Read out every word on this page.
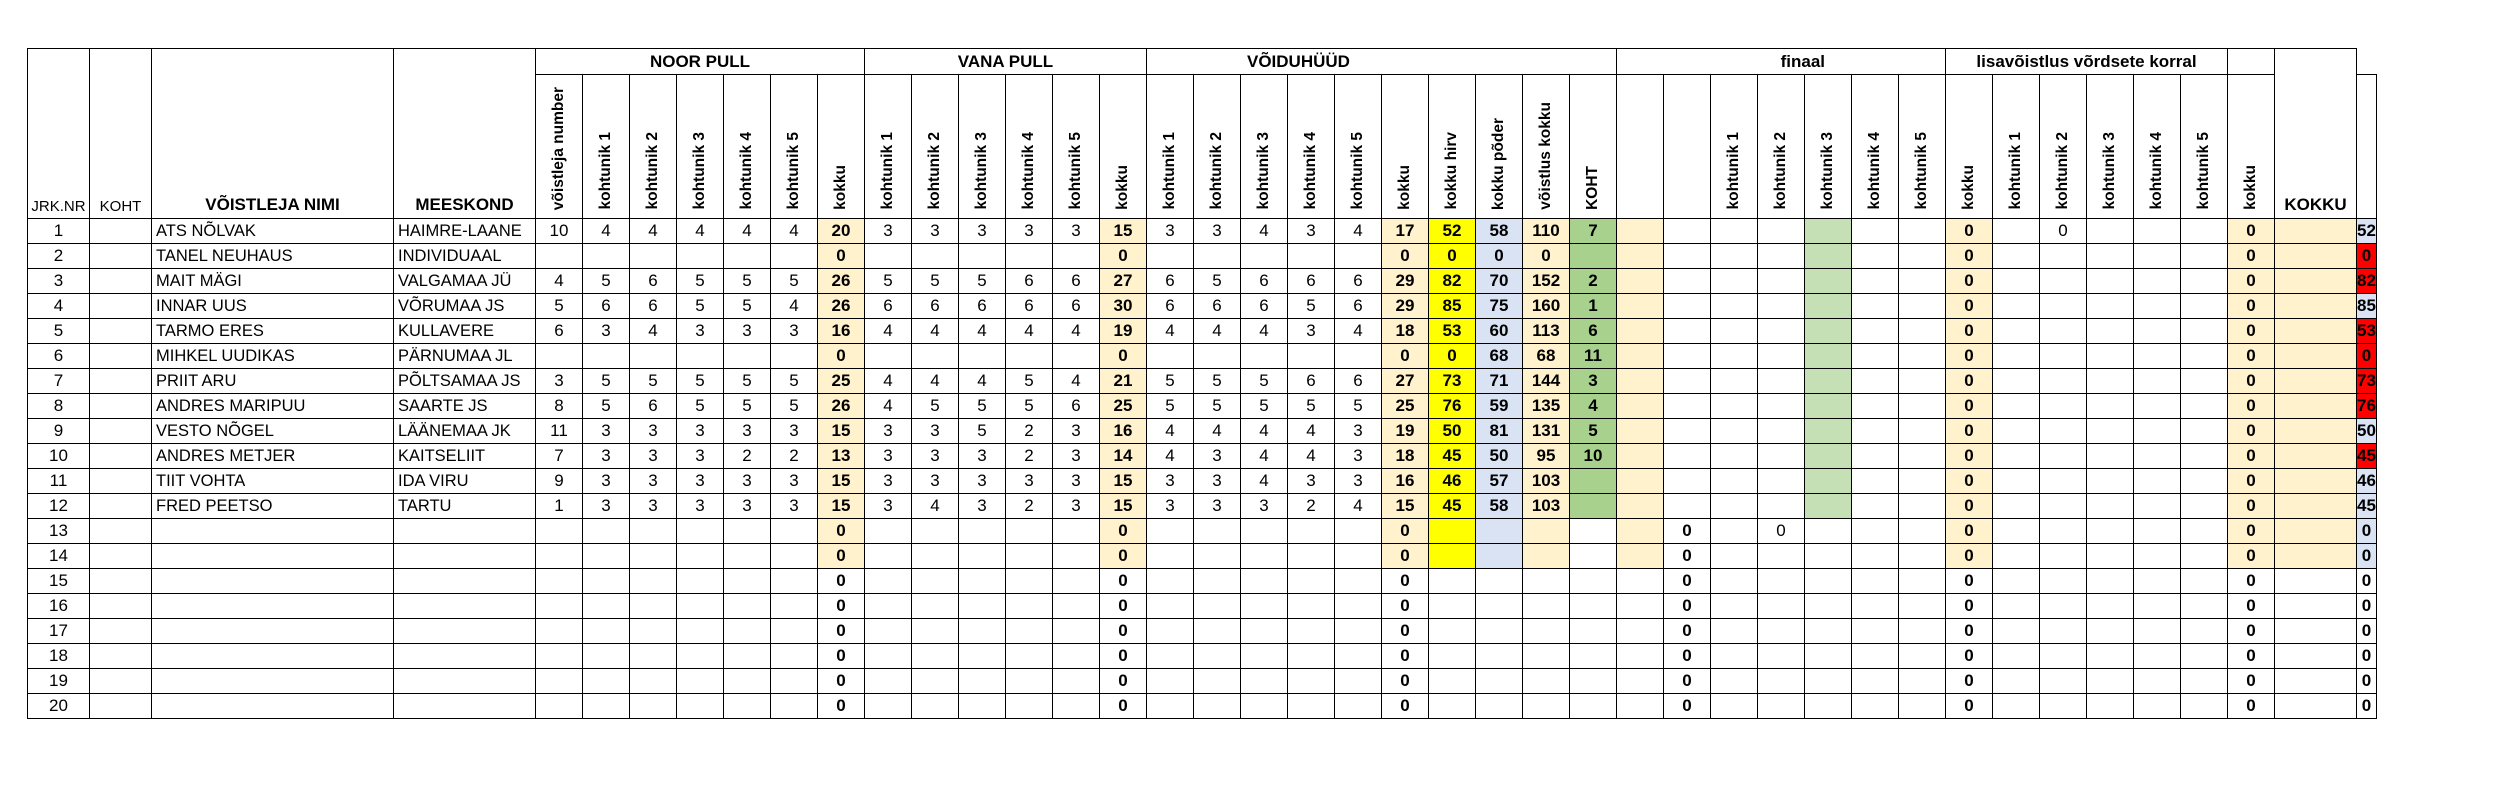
JRK.NR	KOHT	VÕISTLEJA NIMI	MEESKOND	NOOR PULL							VANA PULL						VÕIDUHÜÜD										finaal							lisavõistlus võrdsete korral							KOKKU	
				võistleja number	kohtunik 1	kohtunik 2	kohtunik 3	kohtunik 4	kohtunik 5	kokku	kohtunik 1	kohtunik 2	kohtunik 3	kohtunik 4	kohtunik 5	kokku	kohtunik 1	kohtunik 2	kohtunik 3	kohtunik 4	kohtunik 5	kokku	kokku hirv	kokku põder	võistlus kokku	KOHT			kohtunik 1	kohtunik 2	kohtunik 3	kohtunik 4	kohtunik 5	kokku	kohtunik 1	kohtunik 2	kohtunik 3	kohtunik 4	kohtunik 5	kokku		
1		ATS NÕLVAK	HAIMRE-LAANE	10	4	4	4	4	4	20	3	3	3	3	3	15	3	3	4	3	4	17	52	58	110	7								0		0				0		52
2		TANEL NEUHAUS	INDIVIDUAAL							0						0						0	0	0	0									0						0		0
3		MAIT MÄGI	VALGAMAA JÜ	4	5	6	5	5	5	26	5	5	5	6	6	27	6	5	6	6	6	29	82	70	152	2								0						0		82
4		INNAR UUS	VÕRUMAA JS	5	6	6	5	5	4	26	6	6	6	6	6	30	6	6	6	5	6	29	85	75	160	1								0						0		85
5		TARMO ERES	KULLAVERE	6	3	4	3	3	3	16	4	4	4	4	4	19	4	4	4	3	4	18	53	60	113	6								0						0		53
6		MIHKEL UUDIKAS	PÄRNUMAA JL							0						0						0	0	68	68	11								0						0		0
7		PRIIT ARU	PÕLTSAMAA JS	3	5	5	5	5	5	25	4	4	4	5	4	21	5	5	5	6	6	27	73	71	144	3								0						0		73
8		ANDRES MARIPUU	SAARTE JS	8	5	6	5	5	5	26	4	5	5	5	6	25	5	5	5	5	5	25	76	59	135	4								0						0		76
9		VESTO NÕGEL	LÄÄNEMAA JK	11	3	3	3	3	3	15	3	3	5	2	3	16	4	4	4	4	3	19	50	81	131	5								0						0		50
10		ANDRES METJER	KAITSELIIT	7	3	3	3	2	2	13	3	3	3	2	3	14	4	3	4	4	3	18	45	50	95	10								0						0		45
11		TIIT VOHTA	IDA VIRU	9	3	3	3	3	3	15	3	3	3	3	3	15	3	3	4	3	3	16	46	57	103									0						0		46
12		FRED PEETSO	TARTU	1	3	3	3	3	3	15	3	4	3	2	3	15	3	3	3	2	4	15	45	58	103									0						0		45
13										0						0						0						0		0				0						0		0
14										0						0						0						0						0						0		0
15										0						0						0						0						0						0		0
16										0						0						0						0						0						0		0
17										0						0						0						0						0						0		0
18										0						0						0						0						0						0		0
19										0						0						0						0						0						0		0
20										0						0						0						0						0						0		0
